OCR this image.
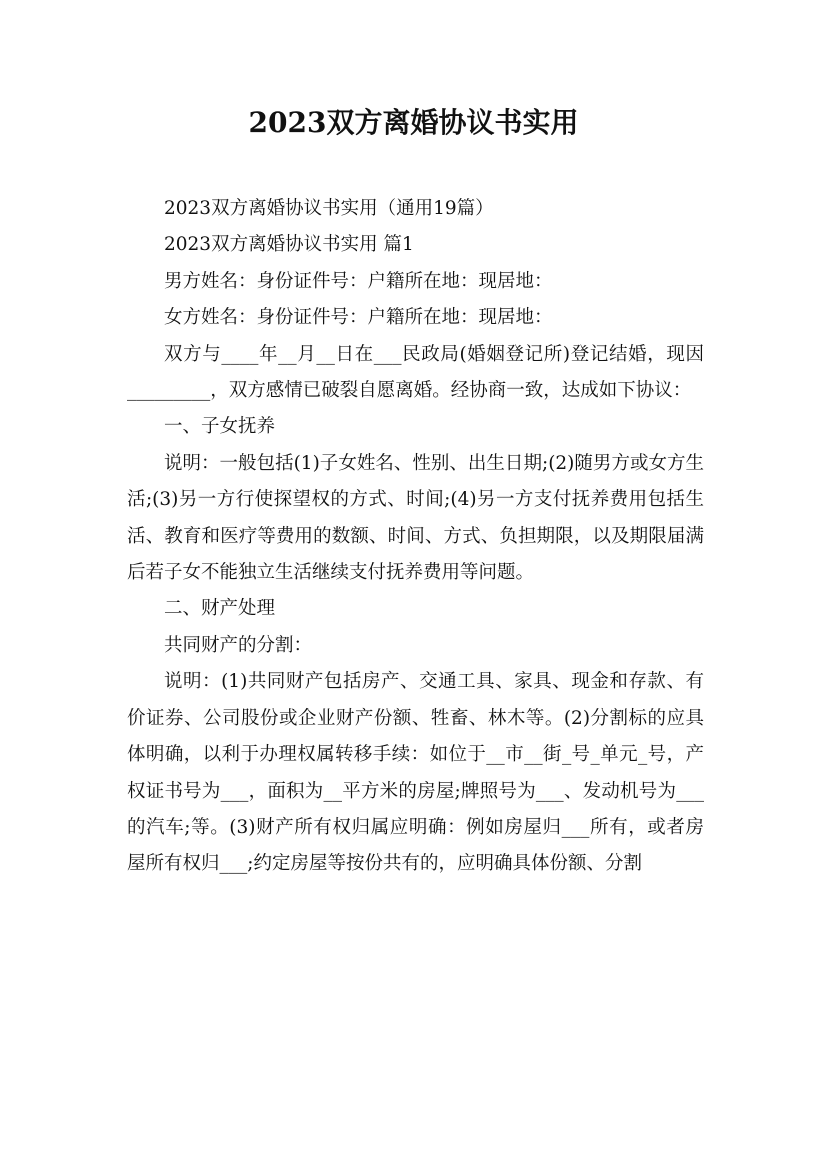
2023双方离婚协议书实用

2023双方离婚协议书实用（通用19篇）

2023双方离婚协议书实用 篇1

男方姓名：身份证件号：户籍所在地：现居地：

女方姓名：身份证件号：户籍所在地：现居地：

双方与____年__月__日在___民政局(婚姻登记所)登记结婚，现因_________，双方感情已破裂自愿离婚。经协商一致，达成如下协议：

一、子女抚养

说明：一般包括(1)子女姓名、性别、出生日期;(2)随男方或女方生活;(3)另一方行使探望权的方式、时间;(4)另一方支付抚养费用包括生活、教育和医疗等费用的数额、时间、方式、负担期限，以及期限届满后若子女不能独立生活继续支付抚养费用等问题。

二、财产处理

共同财产的分割：

说明：(1)共同财产包括房产、交通工具、家具、现金和存款、有价证券、公司股份或企业财产份额、牲畜、林木等。(2)分割标的应具体明确，以利于办理权属转移手续：如位于__市__街_号_单元_号，产权证书号为___，面积为__平方米的房屋;牌照号为___、发动机号为___的汽车;等。(3)财产所有权归属应明确：例如房屋归___所有，或者房屋所有权归___;约定房屋等按份共有的，应明确具体份额、分割
